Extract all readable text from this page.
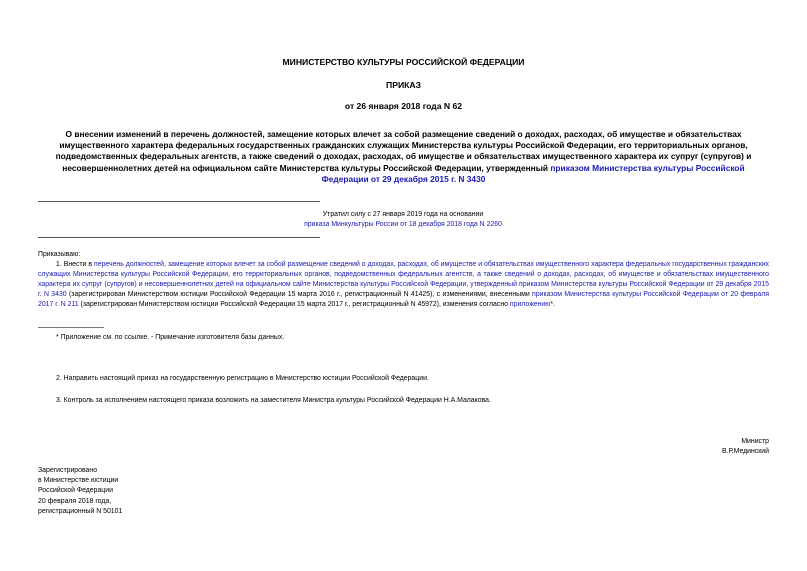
МИНИСТЕРСТВО КУЛЬТУРЫ РОССИЙСКОЙ ФЕДЕРАЦИИ
ПРИКАЗ
от 26 января 2018 года N 62
О внесении изменений в перечень должностей, замещение которых влечет за собой размещение сведений о доходах, расходах, об имуществе и обязательствах имущественного характера федеральных государственных гражданских служащих Министерства культуры Российской Федерации, его территориальных органов, подведомственных федеральных агентств, а также сведений о доходах, расходах, об имуществе и обязательствах имущественного характера их супруг (супругов) и несовершеннолетних детей на официальном сайте Министерства культуры Российской Федерации, утвержденный приказом Министерства культуры Российской Федерации от 29 декабря 2015 г. N 3430
Утратил силу с 27 января 2019 года на основании
приказа Минкультуры России от 18 декабря 2018 года N 2260
Приказываю:
1. Внести в перечень должностей, замещение которых влечет за собой размещение сведений о доходах, расходах, об имуществе и обязательствах имущественного характера федеральных государственных гражданских служащих Министерства культуры Российской Федерации, его территориальных органов, подведомственных федеральных агентств, а также сведений о доходах, расходах, об имуществе и обязательствах имущественного характера их супруг (супругов) и несовершеннолетних детей на официальном сайте Министерства культуры Российской Федерации, утвержденный приказом Министерства культуры Российской Федерации от 29 декабря 2015 г. N 3430 (зарегистрирован Министерством юстиции Российской Федерации 15 марта 2016 г., регистрационный N 41425), с изменениями, внесенными приказом Министерства культуры Российской Федерации от 20 февраля 2017 г. N 211 (зарегистрирован Министерством юстиции Российской Федерации 15 марта 2017 г., регистрационный N 45972), изменения согласно приложению*.
* Приложение см. по ссылке. - Примечание изготовителя базы данных.
2. Направить настоящий приказ на государственную регистрацию в Министерство юстиции Российской Федерации.
3. Контроль за исполнением настоящего приказа возложить на заместителя Министра культуры Российской Федерации Н.А.Малакова.
Министр
В.Р.Мединский
Зарегистрировано
в Министерстве юстиции
Российской Федерации
20 февраля 2018 года,
регистрационный N 50101
